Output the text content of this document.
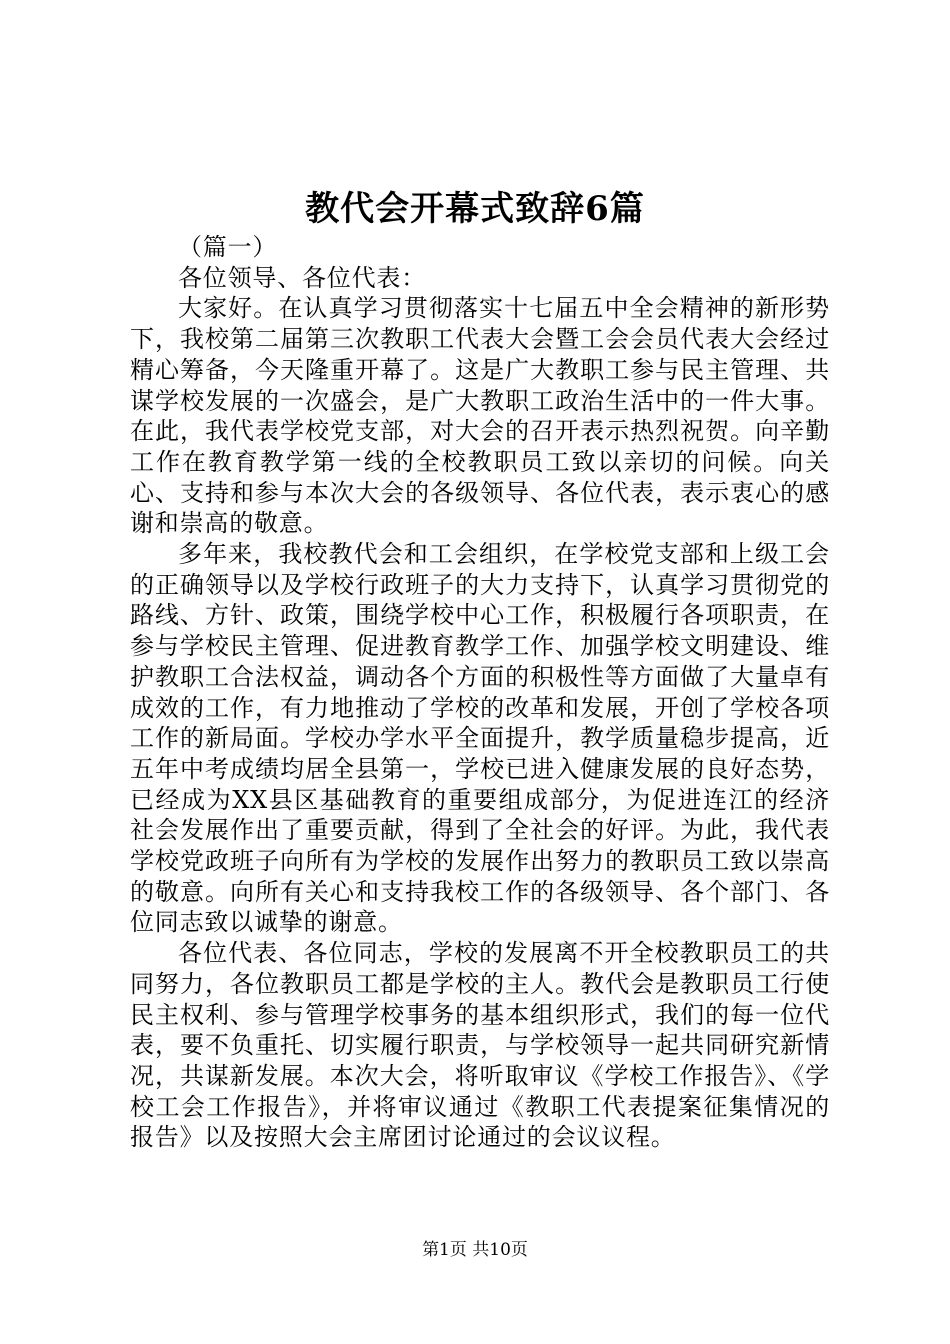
教代会开幕式致辞6篇

（篇一）

各位领导、各位代表：

大家好。在认真学习贯彻落实十七届五中全会精神的新形势下，我校第二届第三次教职工代表大会暨工会会员代表大会经过精心筹备，今天隆重开幕了。这是广大教职工参与民主管理、共谋学校发展的一次盛会，是广大教职工政治生活中的一件大事。在此，我代表学校党支部，对大会的召开表示热烈祝贺。向辛勤工作在教育教学第一线的全校教职员工致以亲切的问候。向关心、支持和参与本次大会的各级领导、各位代表，表示衷心的感谢和崇高的敬意。

多年来，我校教代会和工会组织，在学校党支部和上级工会的正确领导以及学校行政班子的大力支持下，认真学习贯彻党的路线、方针、政策，围绕学校中心工作，积极履行各项职责，在参与学校民主管理、促进教育教学工作、加强学校文明建设、维护教职工合法权益，调动各个方面的积极性等方面做了大量卓有成效的工作，有力地推动了学校的改革和发展，开创了学校各项工作的新局面。学校办学水平全面提升，教学质量稳步提高，近五年中考成绩均居全县第一，学校已进入健康发展的良好态势，已经成为XX县区基础教育的重要组成部分，为促进连江的经济社会发展作出了重要贡献，得到了全社会的好评。为此，我代表学校党政班子向所有为学校的发展作出努力的教职员工致以崇高的敬意。向所有关心和支持我校工作的各级领导、各个部门、各位同志致以诚挚的谢意。

各位代表、各位同志，学校的发展离不开全校教职员工的共同努力，各位教职员工都是学校的主人。教代会是教职员工行使民主权利、参与管理学校事务的基本组织形式，我们的每一位代表，要不负重托、切实履行职责，与学校领导一起共同研究新情况，共谋新发展。本次大会，将听取审议《学校工作报告》、《学校工会工作报告》，并将审议通过《教职工代表提案征集情况的报告》以及按照大会主席团讨论通过的会议议程。

第1页 共10页
